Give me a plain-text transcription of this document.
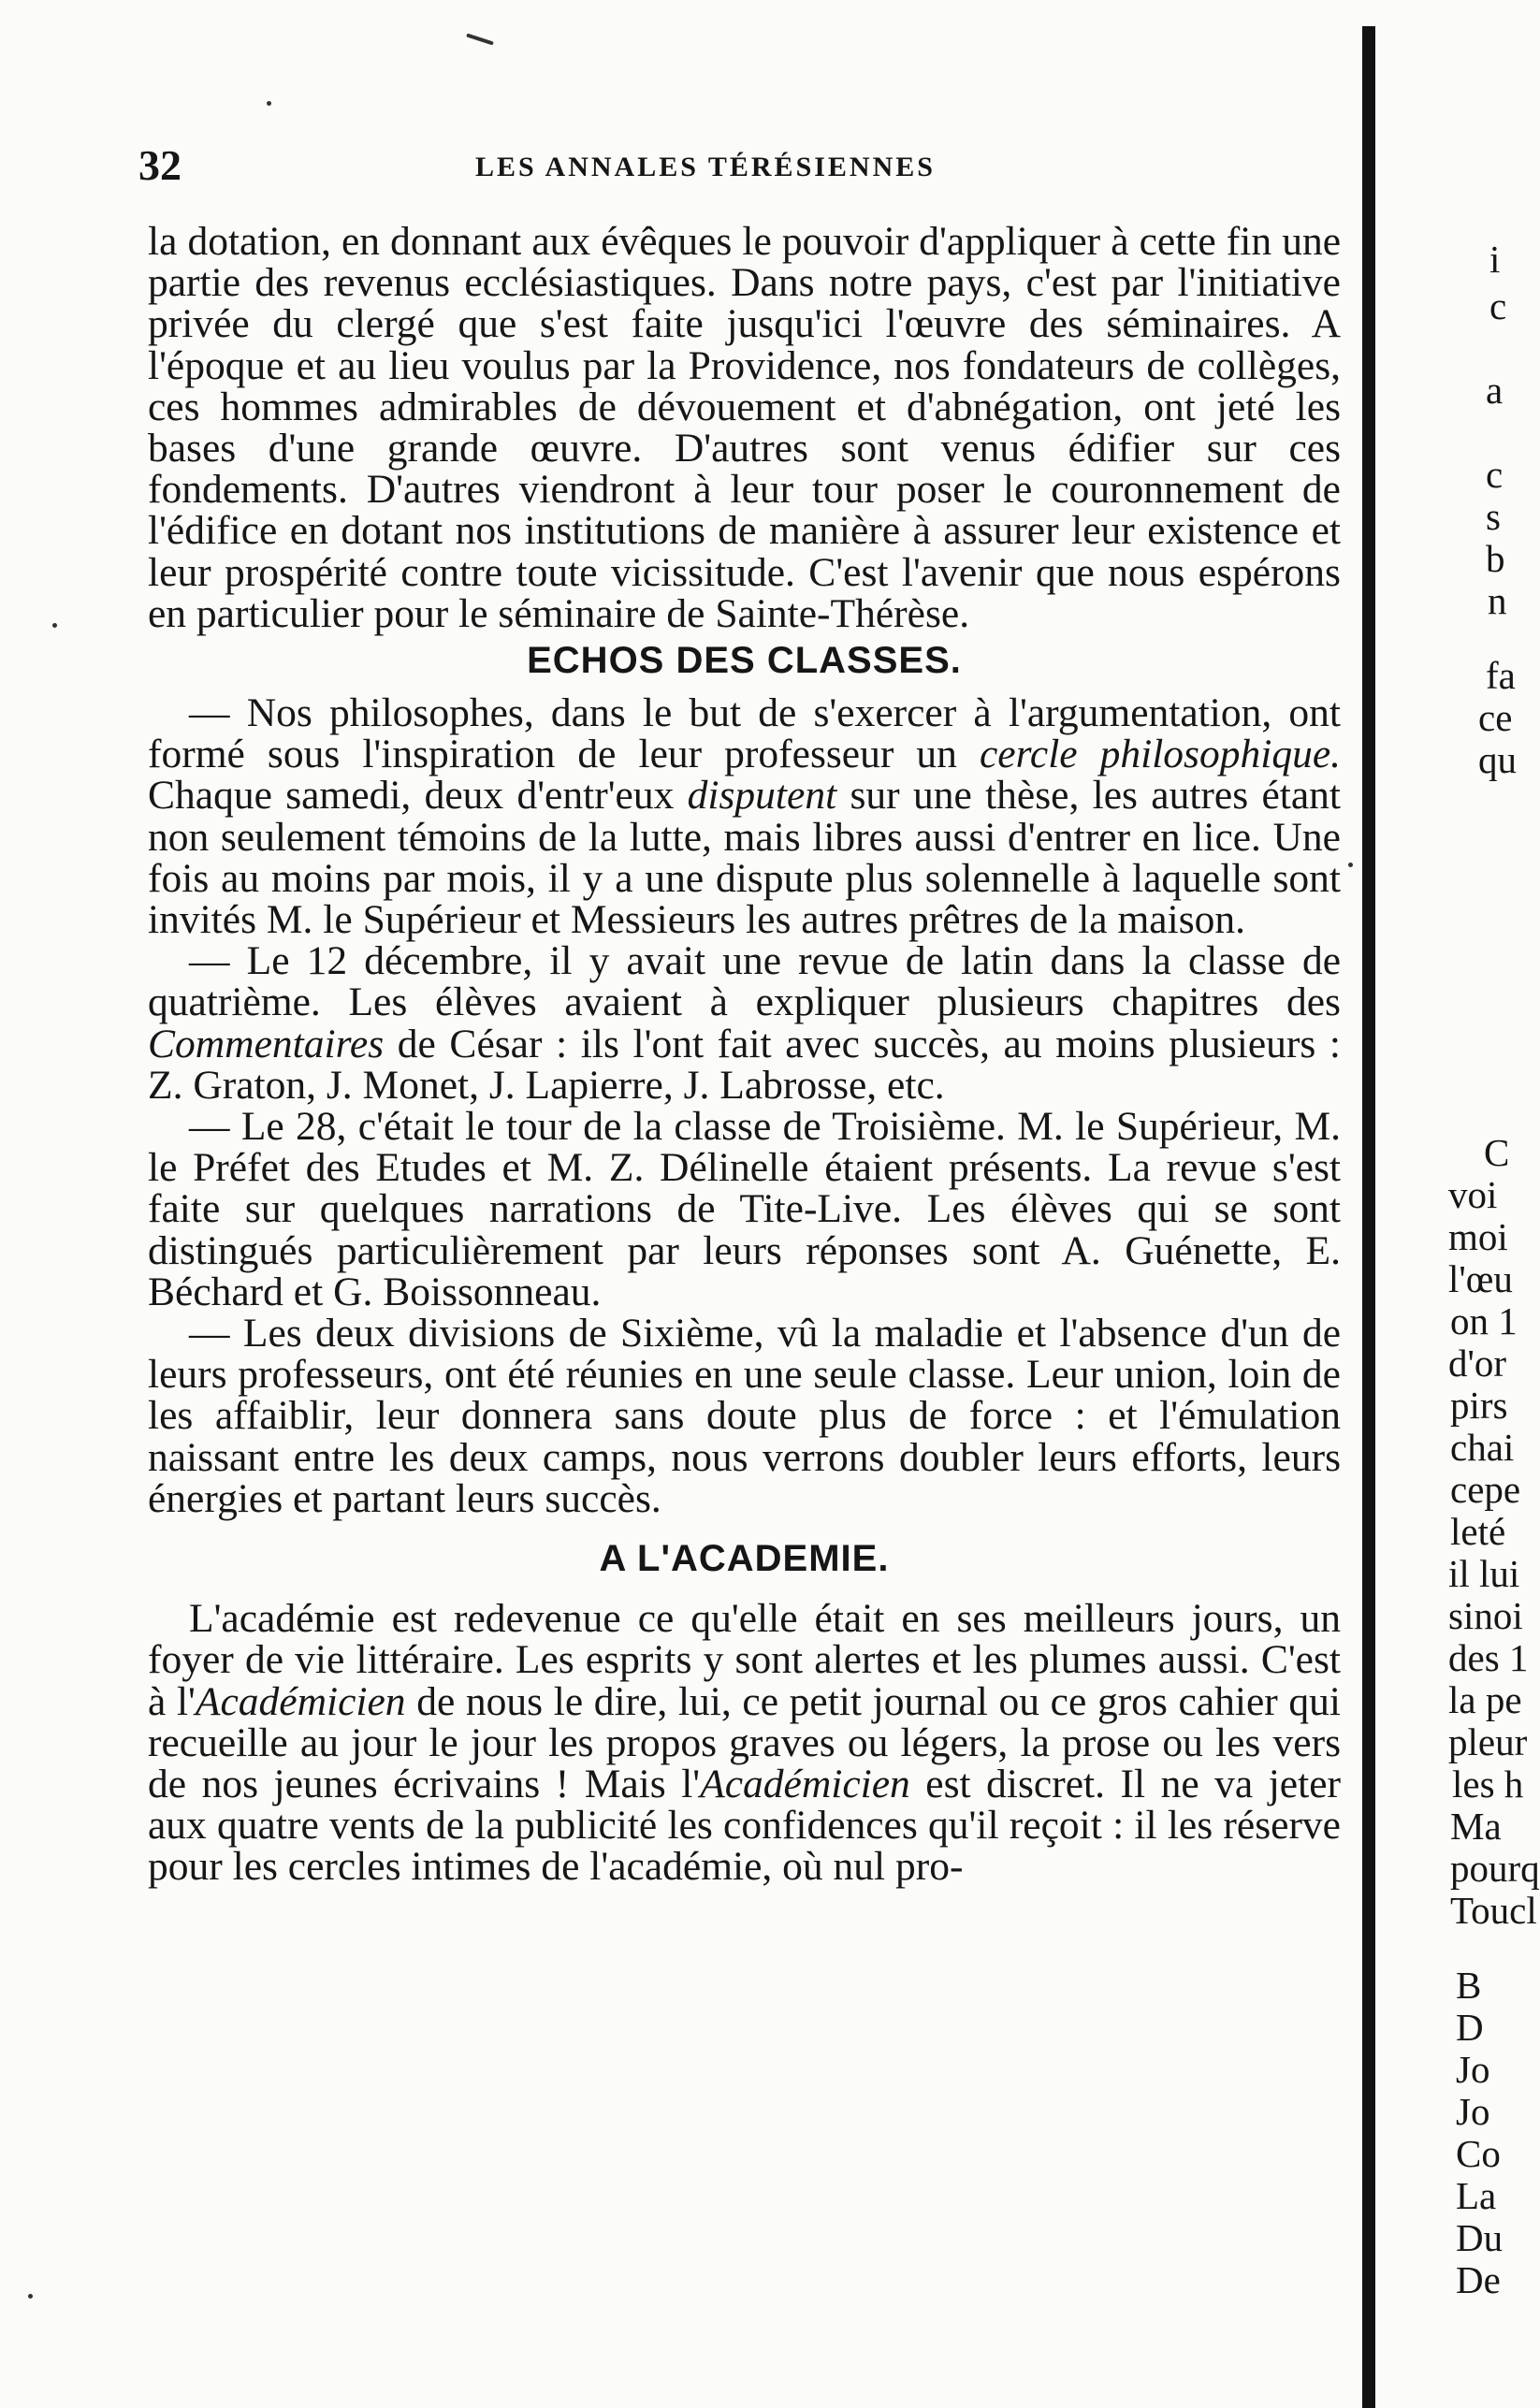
32	LES ANNALES TÉRÉSIENNES

la dotation, en donnant aux évêques le pouvoir d'appliquer à cette fin une partie des revenus ecclésiastiques. Dans notre pays, c'est par l'initiative privée du clergé que s'est faite jusqu'ici l'œuvre des séminaires. A l'époque et au lieu voulus par la Providence, nos fondateurs de collèges, ces hommes admirables de dévouement et d'abnégation, ont jeté les bases d'une grande œuvre. D'autres sont venus édifier sur ces fondements. D'autres viendront à leur tour poser le couronnement de l'édifice en dotant nos institutions de manière à assurer leur existence et leur prospérité contre toute vicissitude. C'est l'avenir que nous espérons en particulier pour le séminaire de Sainte-Thérèse.

ECHOS DES CLASSES.

— Nos philosophes, dans le but de s'exercer à l'argumentation, ont formé sous l'inspiration de leur professeur un cercle philosophique. Chaque samedi, deux d'entr'eux disputent sur une thèse, les autres étant non seulement témoins de la lutte, mais libres aussi d'entrer en lice. Une fois au moins par mois, il y a une dispute plus solennelle à laquelle sont invités M. le Supérieur et Messieurs les autres prêtres de la maison.

— Le 12 décembre, il y avait une revue de latin dans la classe de quatrième. Les élèves avaient à expliquer plusieurs chapitres des Commentaires de César : ils l'ont fait avec succès, au moins plusieurs : Z. Graton, J. Monet, J. Lapierre, J. Labrosse, etc.

— Le 28, c'était le tour de la classe de Troisième. M. le Supérieur, M. le Préfet des Etudes et M. Z. Délinelle étaient présents. La revue s'est faite sur quelques narrations de Tite-Live. Les élèves qui se sont distingués particulièrement par leurs réponses sont A. Guénette, E. Béchard et G. Boissonneau.

— Les deux divisions de Sixième, vû la maladie et l'absence d'un de leurs professeurs, ont été réunies en une seule classe. Leur union, loin de les affaiblir, leur donnera sans doute plus de force : et l'émulation naissant entre les deux camps, nous verrons doubler leurs efforts, leurs énergies et partant leurs succès.

A L'ACADEMIE.

L'académie est redevenue ce qu'elle était en ses meilleurs jours, un foyer de vie littéraire. Les esprits y sont alertes et les plumes aussi. C'est à l'Académicien de nous le dire, lui, ce petit journal ou ce gros cahier qui recueille au jour le jour les propos graves ou légers, la prose ou les vers de nos jeunes écrivains ! Mais l'Académicien est discret. Il ne va jeter aux quatre vents de la publicité les confidences qu'il reçoit : il les réserve pour les cercles intimes de l'académie, où nul pro-

i
c
a
c
s
b
n
fa
ce
qu
C
voi
moi
l'œu
on 1
d'or
pirs
chai
cepe
leté
il lui
sinoi
des 1
la pe
pleur
les h
Ma
pourq
Toucl
B
D
Jo
Jo
Co
La
Du
De
